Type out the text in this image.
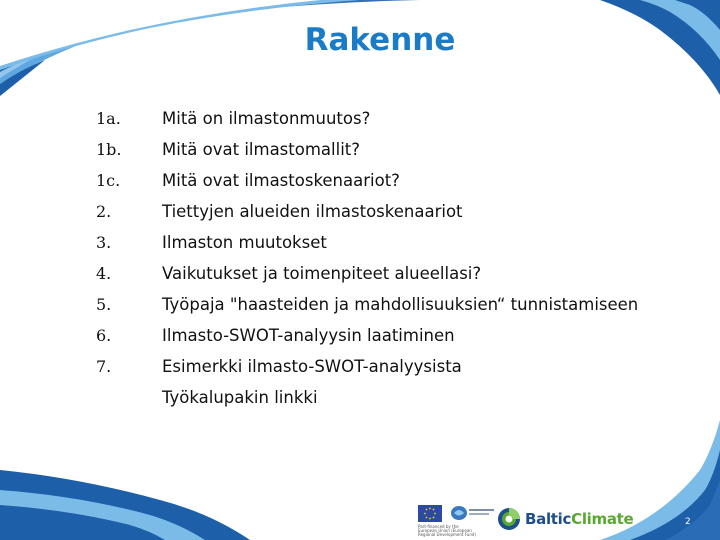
Rakenne
1a.	Mitä on ilmastonmuutos?
1b.	Mitä ovat ilmastomallit?
1c.	Mitä ovat ilmastoskenaariot?
2.	Tiettyjen alueiden ilmastoskenaariot
3.	Ilmaston muutokset
4.	Vaikutukset ja toimenpiteet alueellasi?
5.	Työpaja "haasteiden ja mahdollisuuksien“ tunnistamiseen
6.	Ilmasto-SWOT-analyysin laatiminen
7.	Esimerkki ilmasto-SWOT-analyysista
Työkalupakin linkki
Part-financed by the European Union (European Regional Development Fund)
BalticClimate	2
